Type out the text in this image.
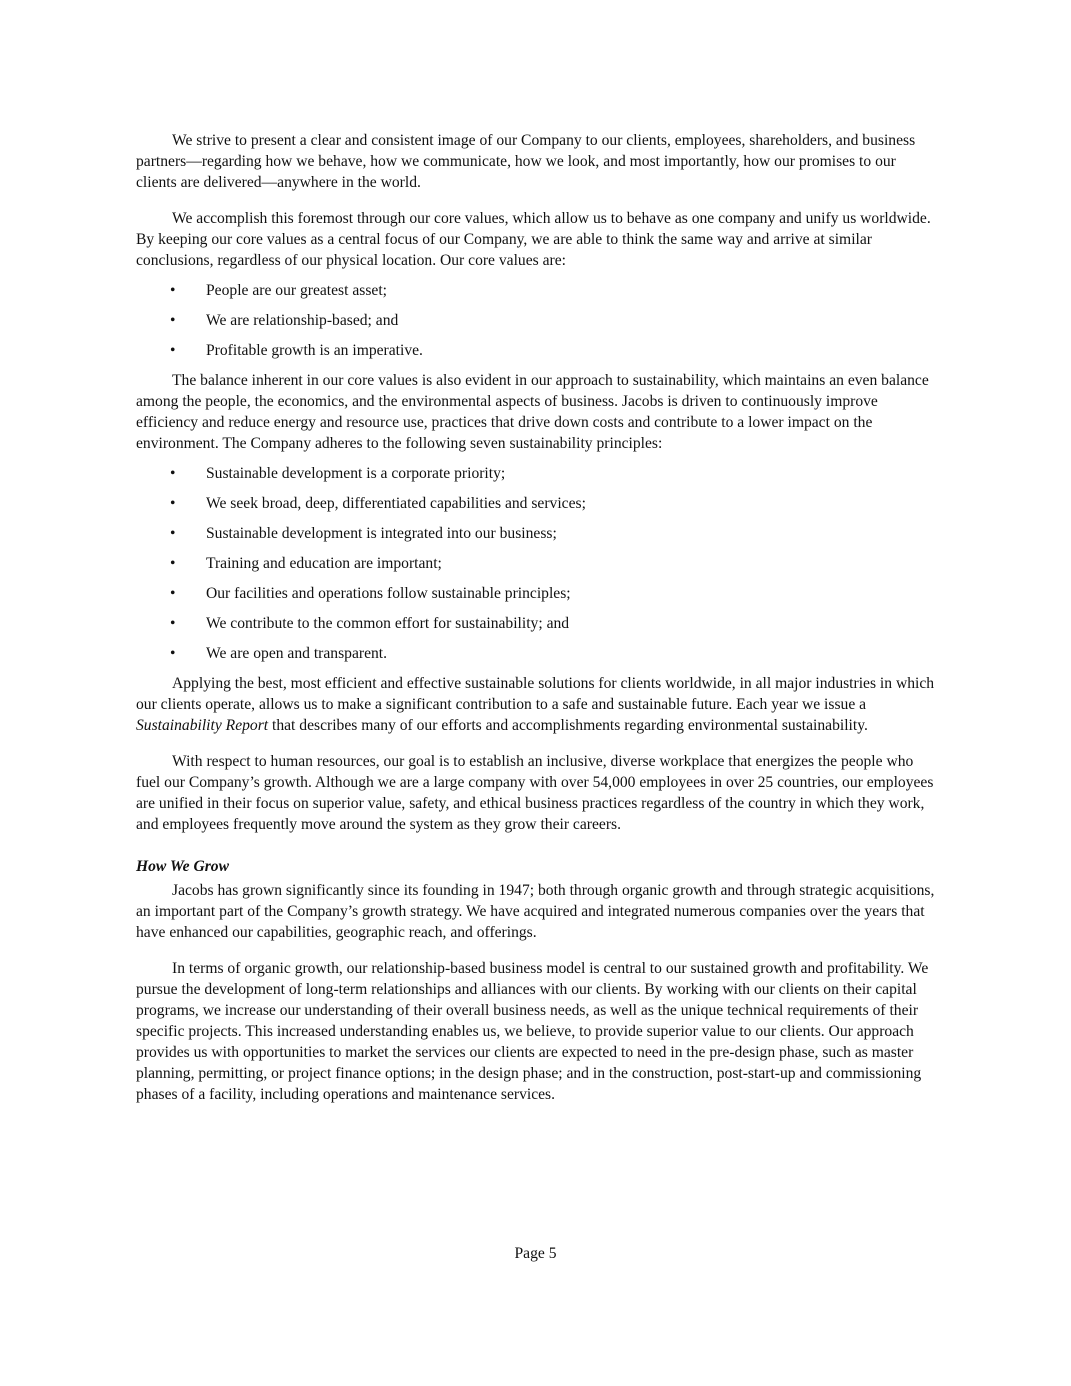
We strive to present a clear and consistent image of our Company to our clients, employees, shareholders, and business partners—regarding how we behave, how we communicate, how we look, and most importantly, how our promises to our clients are delivered—anywhere in the world.

We accomplish this foremost through our core values, which allow us to behave as one company and unify us worldwide. By keeping our core values as a central focus of our Company, we are able to think the same way and arrive at similar conclusions, regardless of our physical location. Our core values are:

• People are our greatest asset;
• We are relationship-based; and
• Profitable growth is an imperative.

The balance inherent in our core values is also evident in our approach to sustainability, which maintains an even balance among the people, the economics, and the environmental aspects of business. Jacobs is driven to continuously improve efficiency and reduce energy and resource use, practices that drive down costs and contribute to a lower impact on the environment. The Company adheres to the following seven sustainability principles:

• Sustainable development is a corporate priority;
• We seek broad, deep, differentiated capabilities and services;
• Sustainable development is integrated into our business;
• Training and education are important;
• Our facilities and operations follow sustainable principles;
• We contribute to the common effort for sustainability; and
• We are open and transparent.

Applying the best, most efficient and effective sustainable solutions for clients worldwide, in all major industries in which our clients operate, allows us to make a significant contribution to a safe and sustainable future. Each year we issue a Sustainability Report that describes many of our efforts and accomplishments regarding environmental sustainability.

With respect to human resources, our goal is to establish an inclusive, diverse workplace that energizes the people who fuel our Company’s growth. Although we are a large company with over 54,000 employees in over 25 countries, our employees are unified in their focus on superior value, safety, and ethical business practices regardless of the country in which they work, and employees frequently move around the system as they grow their careers.

How We Grow

Jacobs has grown significantly since its founding in 1947; both through organic growth and through strategic acquisitions, an important part of the Company’s growth strategy. We have acquired and integrated numerous companies over the years that have enhanced our capabilities, geographic reach, and offerings.

In terms of organic growth, our relationship-based business model is central to our sustained growth and profitability. We pursue the development of long-term relationships and alliances with our clients. By working with our clients on their capital programs, we increase our understanding of their overall business needs, as well as the unique technical requirements of their specific projects. This increased understanding enables us, we believe, to provide superior value to our clients. Our approach provides us with opportunities to market the services our clients are expected to need in the pre-design phase, such as master planning, permitting, or project finance options; in the design phase; and in the construction, post-start-up and commissioning phases of a facility, including operations and maintenance services.

Page 5
